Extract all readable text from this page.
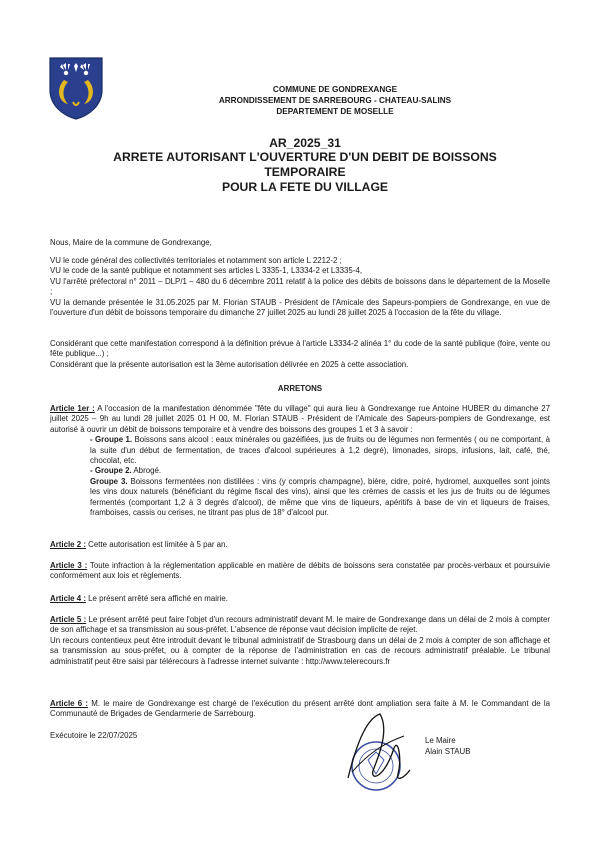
COMMUNE DE GONDREXANGE
ARRONDISSEMENT DE SARREBOURG - CHATEAU-SALINS
DEPARTEMENT DE MOSELLE
AR_2025_31
ARRETE AUTORISANT L'OUVERTURE D'UN DEBIT DE BOISSONS
TEMPORAIRE
POUR LA FETE DU VILLAGE
Nous, Maire de la commune de Gondrexange,
VU le code général des collectivités territoriales et notamment son article L 2212-2 ;
VU le code de la santé publique et notamment ses articles L 3335-1, L3334-2 et L3335-4,
VU l'arrêté préfectoral n° 2011 – DLP/1 – 480 du 6 décembre 2011 relatif à la police des débits de boissons dans le département de la Moselle ;
VU la demande présentée le 31.05.2025 par M. Florian STAUB - Président de l'Amicale des Sapeurs-pompiers de Gondrexange, en vue de l'ouverture d'un débit de boissons temporaire du dimanche 27 juillet 2025 au lundi 28 juillet 2025 à l'occasion de la fête du village.
Considérant que cette manifestation correspond à la définition prévue à l'article L3334-2 alinéa 1° du code de la santé publique (foire, vente ou fête publique...) ;
Considérant que la présente autorisation est la 3ème autorisation délivrée en 2025 à cette association.
ARRETONS
Article 1er : A l'occasion de la manifestation dénommée "fête du village" qui aura lieu à Gondrexange rue Antoine HUBER du dimanche 27 juillet 2025 – 9h au lundi 28 juillet 2025 01 H 00, M. Florian STAUB - Président de l'Amicale des Sapeurs-pompiers de Gondrexange, est autorisé à ouvrir un débit de boissons temporaire et à vendre des boissons des groupes 1 et 3 à savoir :
- Groupe 1. Boissons sans alcool : eaux minérales ou gazéifiées, jus de fruits ou de légumes non fermentés ( ou ne comportant, à la suite d'un début de fermentation, de traces d'alcool supérieures à 1,2 degré), limonades, sirops, infusions, lait, café, thé, chocolat, etc.
- Groupe 2. Abrogé.
Groupe 3. Boissons fermentées non distillées : vins (y compris champagne), bière, cidre, poiré, hydromel, auxquelles sont joints les vins doux naturels (bénéficiant du régime fiscal des vins), ainsi que les crèmes de cassis et les jus de fruits ou de légumes fermentés (comportant 1,2 à 3 degrés d'alcool), de même que vins de liqueurs, apéritifs à base de vin et liqueurs de fraises, framboises, cassis ou cerises, ne titrant pas plus de 18° d'alcool pur.
Article 2 : Cette autorisation est limitée à 5 par an.
Article 3 : Toute infraction à la réglementation applicable en matière de débits de boissons sera constatée par procès-verbaux et poursuivie conformément aux lois et règlements.
Article 4 : Le présent arrêté sera affiché en mairie.
Article 5 : Le présent arrêté peut faire l'objet d'un recours administratif devant M. le maire de Gondrexange dans un délai de 2 mois à compter de son affichage et sa transmission au sous-préfet. L'absence de réponse vaut décision implicite de rejet.
Un recours contentieux peut être introduit devant le tribunal administratif de Strasbourg dans un délai de 2 mois à compter de son affichage et sa transmission au sous-préfet, ou à compter de la réponse de l'administration en cas de recours administratif préalable. Le tribunal administratif peut être saisi par télérecours à l'adresse internet suivante : http://www.telerecours.fr
Article 6 : M. le maire de Gondrexange est chargé de l'exécution du présent arrêté dont ampliation sera faite à M. le Commandant de la Communauté de Brigades de Gendarmerie de Sarrebourg.
Exécutoire le 22/07/2025
Le Maire
Alain STAUB
